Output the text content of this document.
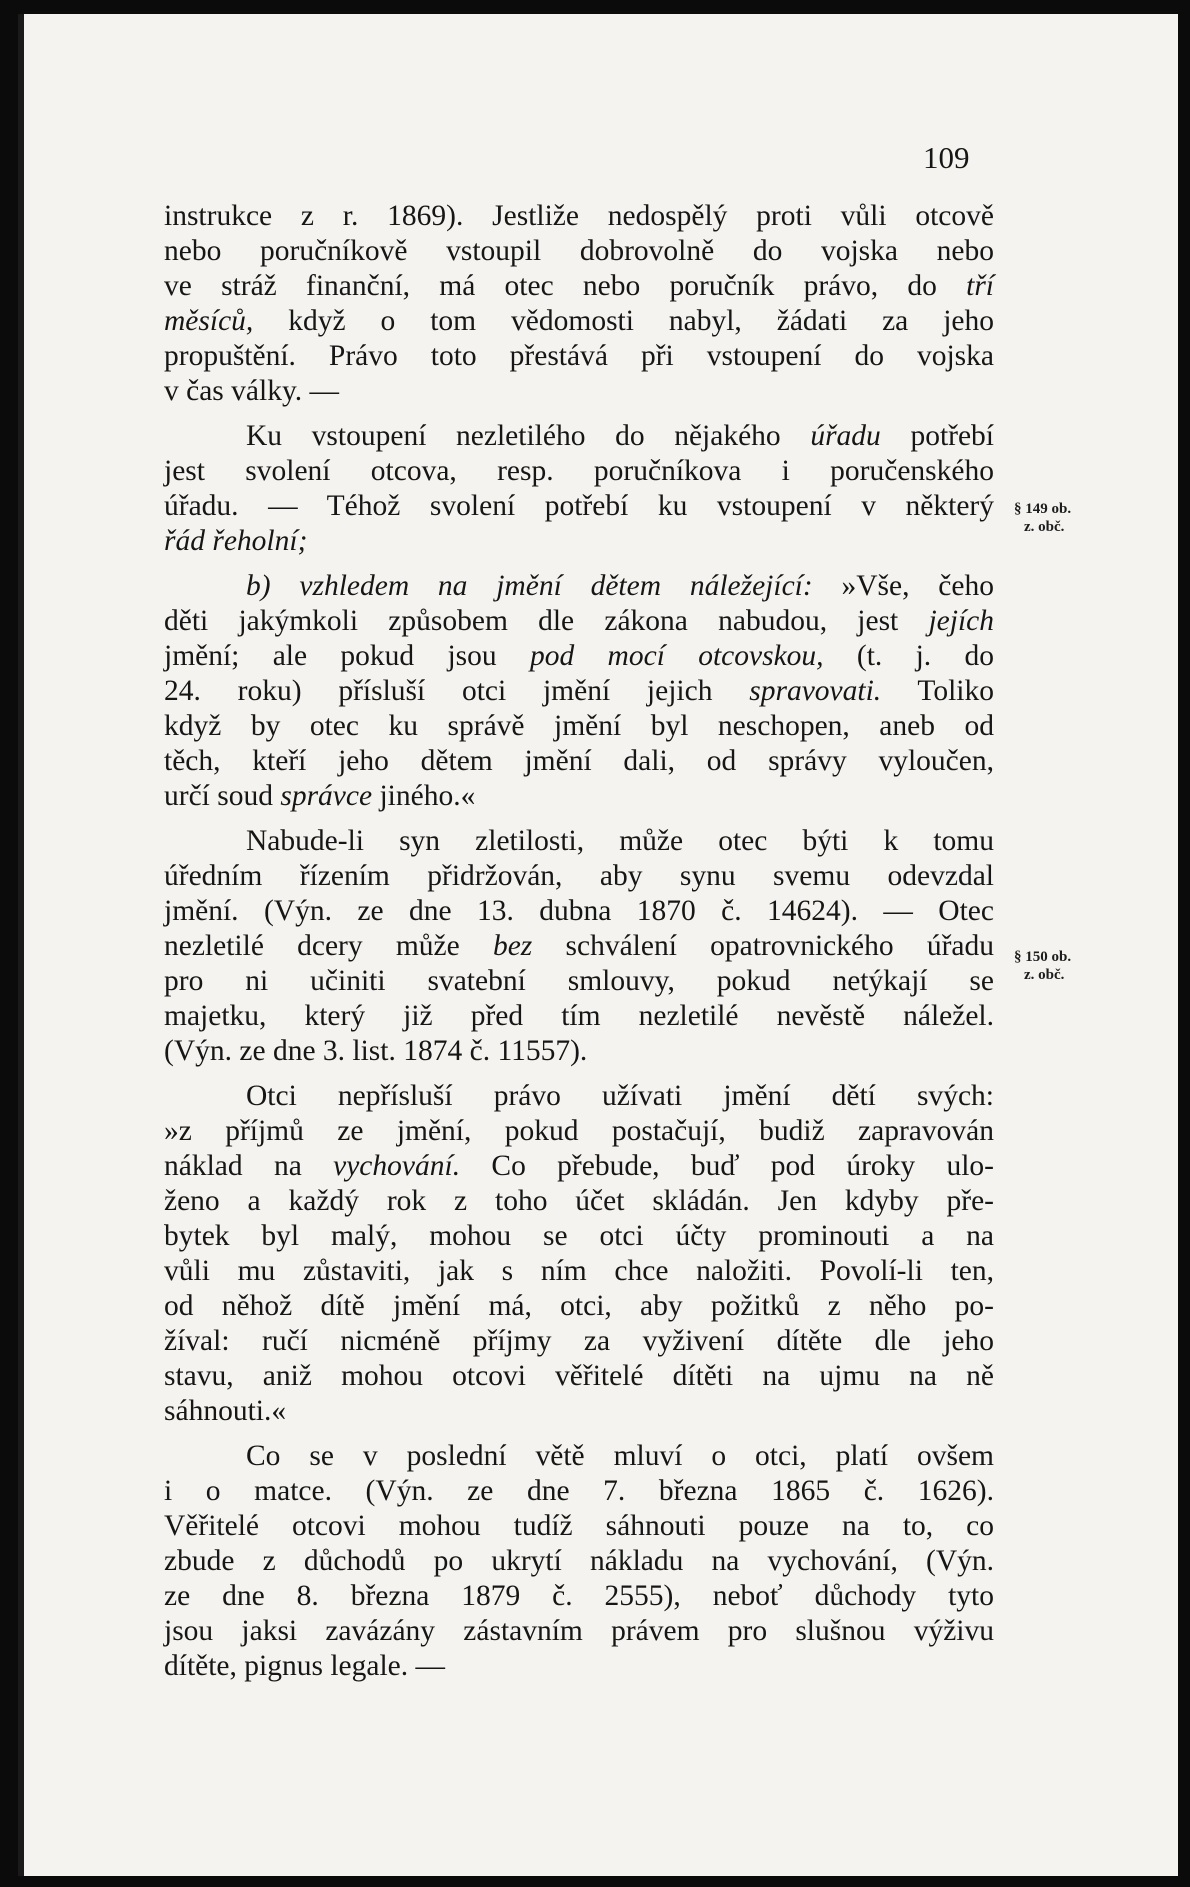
109
§ 149 ob.
z. obč.
§ 150 ob.
z. obč.
instrukce z r. 1869). Jestliže nedospělý proti vůli otcově
nebo poručníkově vstoupil dobrovolně do vojska nebo
ve stráž finanční, má otec nebo poručník právo, do tří
měsíců, když o tom vědomosti nabyl, žádati za jeho
propuštění. Právo toto přestává při vstoupení do vojska
v čas války. —
Ku vstoupení nezletilého do nějakého úřadu potřebí
jest svolení otcova, resp. poručníkova i poručenského
úřadu. — Téhož svolení potřebí ku vstoupení v některý
řád řeholní;
b) vzhledem na jmění dětem náležející: »Vše, čeho
děti jakýmkoli způsobem dle zákona nabudou, jest jejích
jmění; ale pokud jsou pod mocí otcovskou, (t. j. do
24. roku) přísluší otci jmění jejich spravovati. Toliko
když by otec ku správě jmění byl neschopen, aneb od
těch, kteří jeho dětem jmění dali, od správy vyloučen,
určí soud správce jiného.«
Nabude-li syn zletilosti, může otec býti k tomu
úředním řízením přidržován, aby synu svemu odevzdal
jmění. (Výn. ze dne 13. dubna 1870 č. 14624). — Otec
nezletilé dcery může bez schválení opatrovnického úřadu
pro ni učiniti svatební smlouvy, pokud netýkají se
majetku, který již před tím nezletilé nevěstě náležel.
(Výn. ze dne 3. list. 1874 č. 11557).
Otci nepřísluší právo užívati jmění dětí svých:
»z příjmů ze jmění, pokud postačují, budiž zapravován
náklad na vychování. Co přebude, buď pod úroky ulo-
ženo a každý rok z toho účet skládán. Jen kdyby pře-
bytek byl malý, mohou se otci účty prominouti a na
vůli mu zůstaviti, jak s ním chce naložiti. Povolí-li ten,
od něhož dítě jmění má, otci, aby požitků z něho po-
žíval: ručí nicméně příjmy za vyživení dítěte dle jeho
stavu, aniž mohou otcovi věřitelé dítěti na ujmu na ně
sáhnouti.«
Co se v poslední větě mluví o otci, platí ovšem
i o matce. (Výn. ze dne 7. března 1865 č. 1626).
Věřitelé otcovi mohou tudíž sáhnouti pouze na to, co
zbude z důchodů po ukrytí nákladu na vychování, (Výn.
ze dne 8. března 1879 č. 2555), neboť důchody tyto
jsou jaksi zavázány zástavním právem pro slušnou výživu
dítěte, pignus legale. —
